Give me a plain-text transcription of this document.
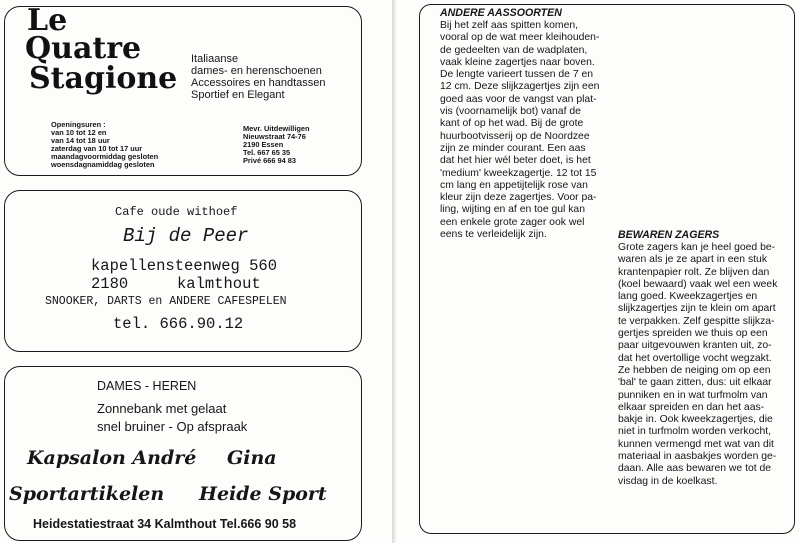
Le
Quatre
Stagione
Italiaanse
dames- en herenschoenen
Accessoires en handtassen
Sportief en Elegant
Openingsuren :
van 10 tot 12 en
van 14 tot 18 uur
zaterdag van 10 tot 17 uur
maandagvoormiddag gesloten
woensdagnamiddag gesloten
Mevr. Uitdewilligen
Nieuwstraat 74-76
2190 Essen
Tel. 667 65 35
Privé 666 94 83
Cafe oude withoef
Bij de Peer
kapellensteenweg 560
2180	kalmthout
SNOOKER, DARTS en ANDERE CAFESPELEN
tel. 666.90.12
DAMES - HEREN
Zonnebank met gelaat
snel bruiner - Op afspraak
Kapsalon André Gina
Sportartikelen Heide Sport
Heidestatiestraat 34 Kalmthout Tel.666 90 58
ANDERE AASSOORTEN
Bij het zelf aas spitten komen,
vooral op de wat meer kleihouden-
de gedeelten van de wadplaten,
vaak kleine zagertjes naar boven.
De lengte varieert tussen de 7 en
12 cm. Deze slijkzagertjes zijn een
goed aas voor de vangst van plat-
vis (voornamelijk bot) vanaf de
kant of op het wad. Bij de grote
huurbootvisserij op de Noordzee
zijn ze minder courant. Een aas
dat het hier wél beter doet, is het
'medium' kweekzagertje. 12 tot 15
cm lang en appetijtelijk rose van
kleur zijn deze zagertjes. Voor pa-
ling, wijting en af en toe gul kan
een enkele grote zager ook wel
eens te verleidelijk zijn.	BEWAREN ZAGERS
Grote zagers kan je heel goed be-
waren als je ze apart in een stuk
krantenpapier rolt. Ze blijven dan
(koel bewaard) vaak wel een week
lang goed. Kweekzagertjes en
slijkzagertjes zijn te klein om apart
te verpakken. Zelf gespitte slijkza-
gertjes spreiden we thuis op een
paar uitgevouwen kranten uit, zo-
dat het overtollige vocht wegzakt.
Ze hebben de neiging om op een
'bal' te gaan zitten, dus: uit elkaar
punniken en in wat turfmolm van
elkaar spreiden en dan het aas-
bakje in. Ook kweekzagertjes, die
niet in turfmolm worden verkocht,
kunnen vermengd met wat van dit
materiaal in aasbakjes worden ge-
daan. Alle aas bewaren we tot de
visdag in de koelkast.
